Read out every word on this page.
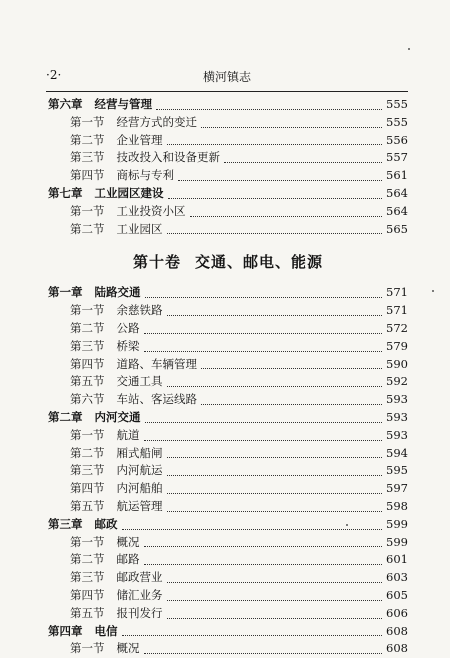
·2·	横河镇志
第六章 经营与管理	555
第一节 经营方式的变迁	555
第二节 企业管理	556
第三节 技改投入和设备更新	557
第四节 商标与专利	561
第七章 工业园区建设	564
第一节 工业投资小区	564
第二节 工业园区	565
第十卷 交通、邮电、能源
第一章 陆路交通	571
第一节 余慈铁路	571
第二节 公路	572
第三节 桥梁	579
第四节 道路、车辆管理	590
第五节 交通工具	592
第六节 车站、客运线路	593
第二章 内河交通	593
第一节 航道	593
第二节 厢式船闸	594
第三节 内河航运	595
第四节 内河船舶	597
第五节 航运管理	598
第三章 邮政	599
第一节 概况	599
第二节 邮路	601
第三节 邮政营业	603
第四节 储汇业务	605
第五节 报刊发行	606
第四章 电信	608
第一节 概况	608
